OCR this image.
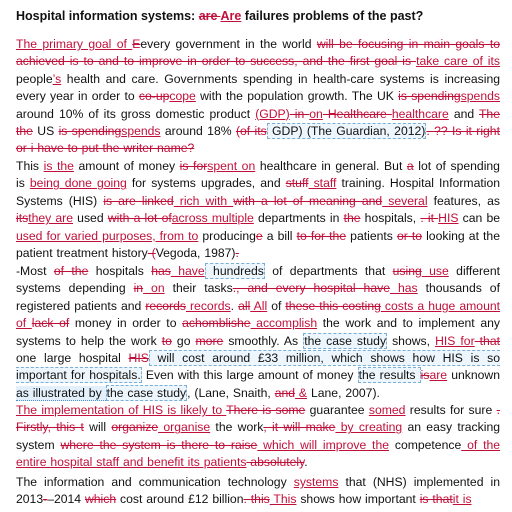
Hospital information systems: are Are failures problems of the past?
The primary goal of Eevery government in the world will be focusing in main goals to achieved is to and to improve in order to success, and the first goal is take care of its people’s health and care. Governments spending in health-care systems is increasing every year in order to co-upcope with the population growth. The UK is spendingspends around 10% of its gross domestic product (GDP) in on Healthcare healthcare and The the US is spendingspends around 18% (of its GDP) (The Guardian, 2012). ?? Is it right or i have to put the writer name?
This is the amount of money is forspent on healthcare in general. But a lot of spending is being done going for systems upgrades, and stuff staff training. Hospital Information Systems (HIS) is are linked rich with with a lot of meaning and several features, as itsthey are used with a lot ofacross multiple departments in the hospitals, . it HIS can be used for varied purposes, from to producinge a bill to for the patients or to looking at the patient treatment history (Vegoda, 1987).
-Most of the hospitals has have hundreds of departments that using use different systems depending in on their tasks., and every hospital have has thousands of registered patients and records records. all All of these this costing costs a huge amount of lack of money in order to achomblishe accomplish the work and to implement any systems to help the work to go more smoothly. As the case study shows, HIS for that one large hospital HIS will cost around £33 million, which shows how HIS is so important for hospitals. Even with this large amount of money the results isare unknown as illustrated by the case study, (Lane, Snaith, and & Lane, 2007).
The implementation of HIS is likely to There is some guarantee somed results for sure . Firstly, this t will organize organise the work, it will make by creating an easy tracking system where the system is there to raise which will improve the competence of the entire hospital staff and benefit its patients absolutely.
The information and communication technology systems that (NHS) implemented in 2013-–2014 which cost around £12 billion. this This shows how important is thatit is
